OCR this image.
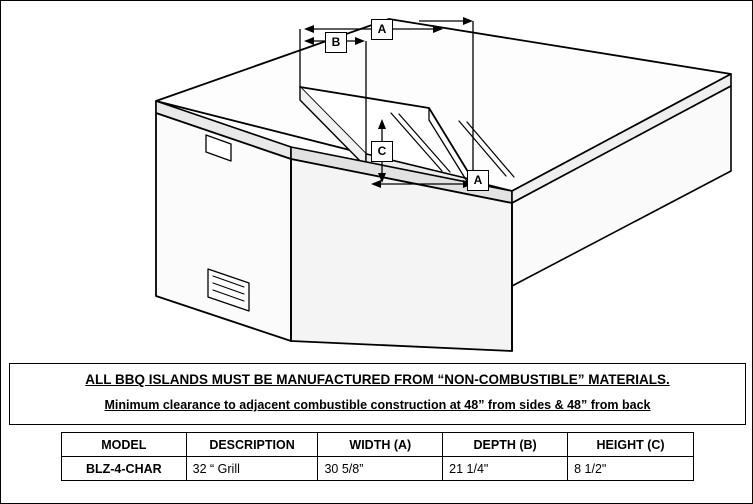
A
B
C
A
ALL BBQ ISLANDS MUST BE MANUFACTURED FROM “NON-COMBUSTIBLE” MATERIALS.
Minimum clearance to adjacent combustible construction at 48” from sides & 48” from back
MODEL	DESCRIPTION	WIDTH (A)	DEPTH (B)	HEIGHT (C)
BLZ-4-CHAR	32 “ Grill	30 5/8”	21 1/4"	8 1/2"
